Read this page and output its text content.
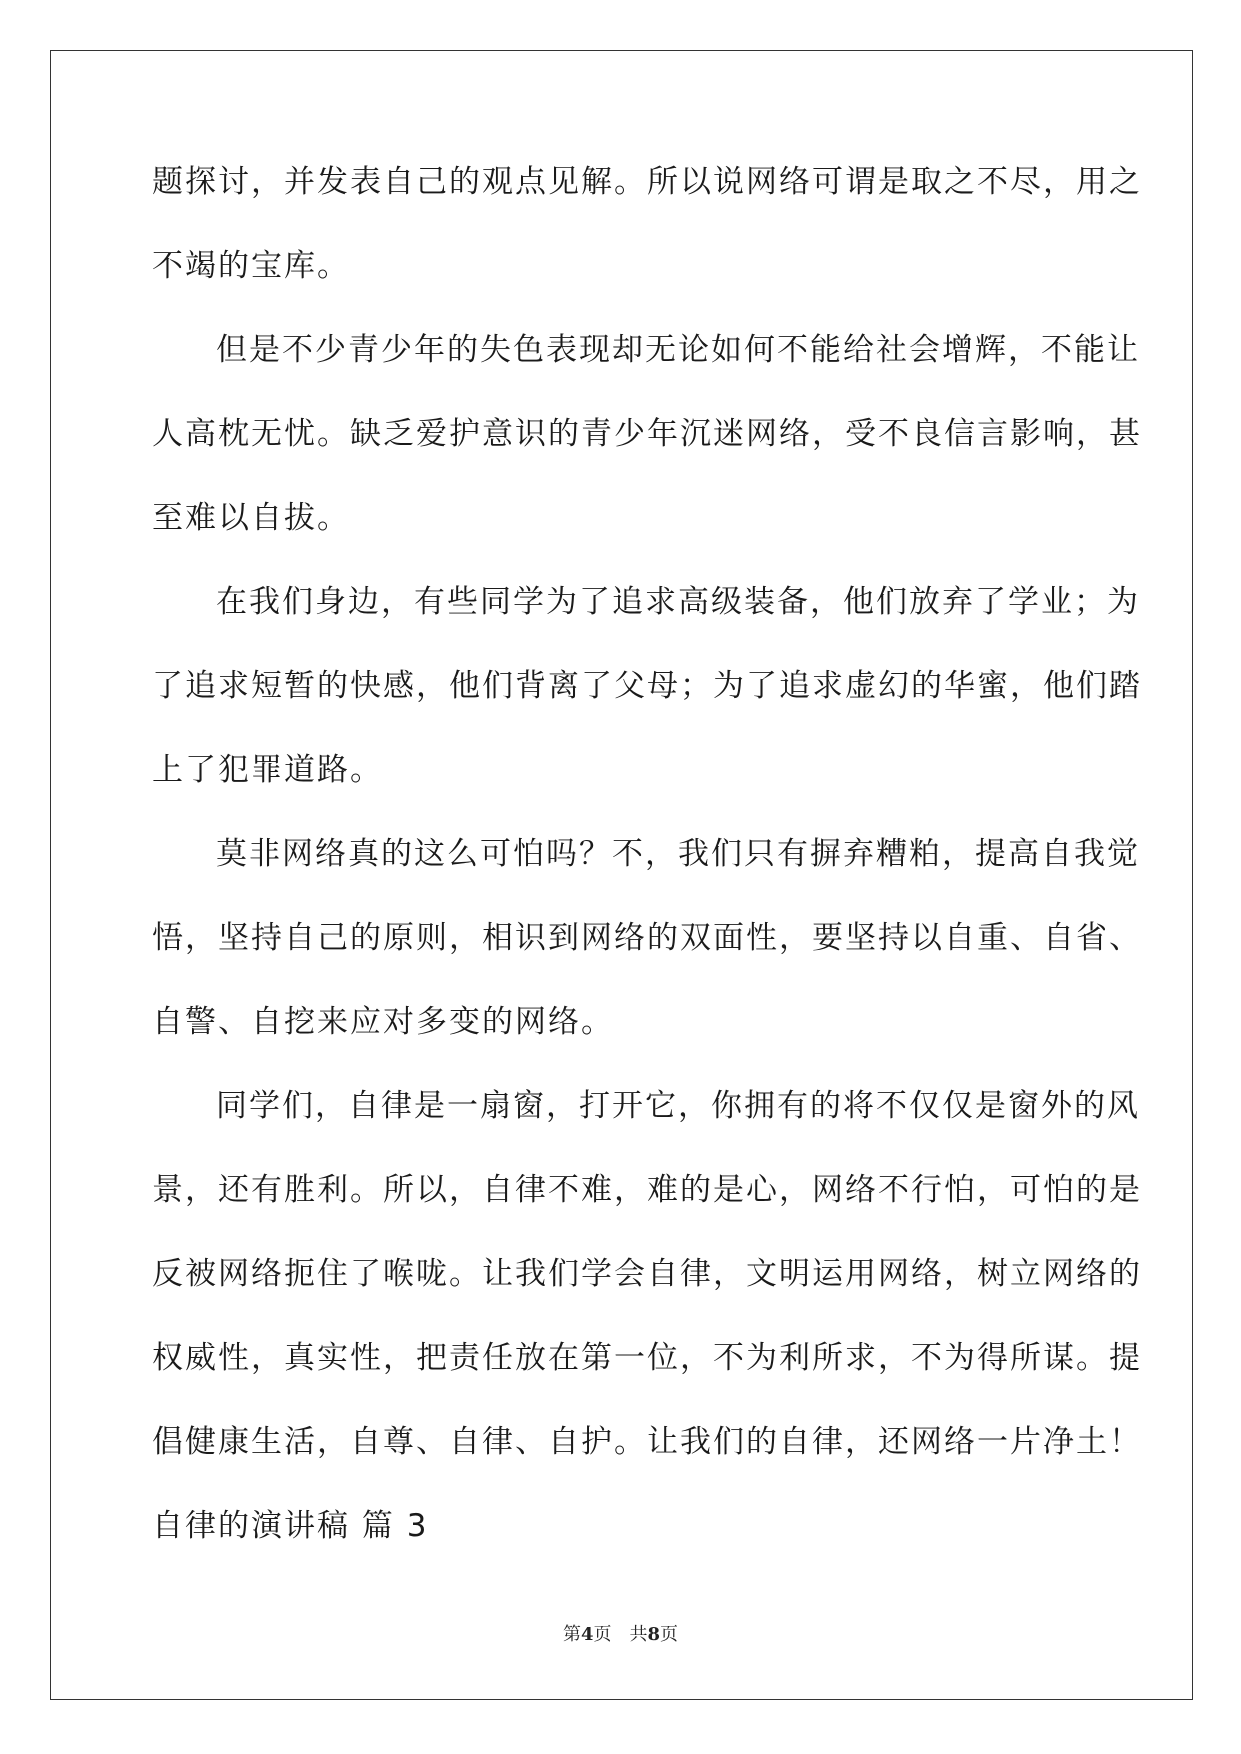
题探讨，并发表自己的观点见解。所以说网络可谓是取之不尽，用之
不竭的宝库。
但是不少青少年的失色表现却无论如何不能给社会增辉，不能让
人高枕无忧。缺乏爱护意识的青少年沉迷网络，受不良信言影响，甚
至难以自拔。
在我们身边，有些同学为了追求高级装备，他们放弃了学业；为
了追求短暂的快感，他们背离了父母；为了追求虚幻的华蜜，他们踏
上了犯罪道路。
莫非网络真的这么可怕吗？不，我们只有摒弃糟粕，提高自我觉
悟，坚持自己的原则，相识到网络的双面性，要坚持以自重、自省、
自警、自挖来应对多变的网络。
同学们，自律是一扇窗，打开它，你拥有的将不仅仅是窗外的风
景，还有胜利。所以，自律不难，难的是心，网络不行怕，可怕的是
反被网络扼住了喉咙。让我们学会自律，文明运用网络，树立网络的
权威性，真实性，把责任放在第一位，不为利所求，不为得所谋。提
倡健康生活，自尊、自律、自护。让我们的自律，还网络一片净土！
自律的演讲稿 篇 3
第4页　共8页
